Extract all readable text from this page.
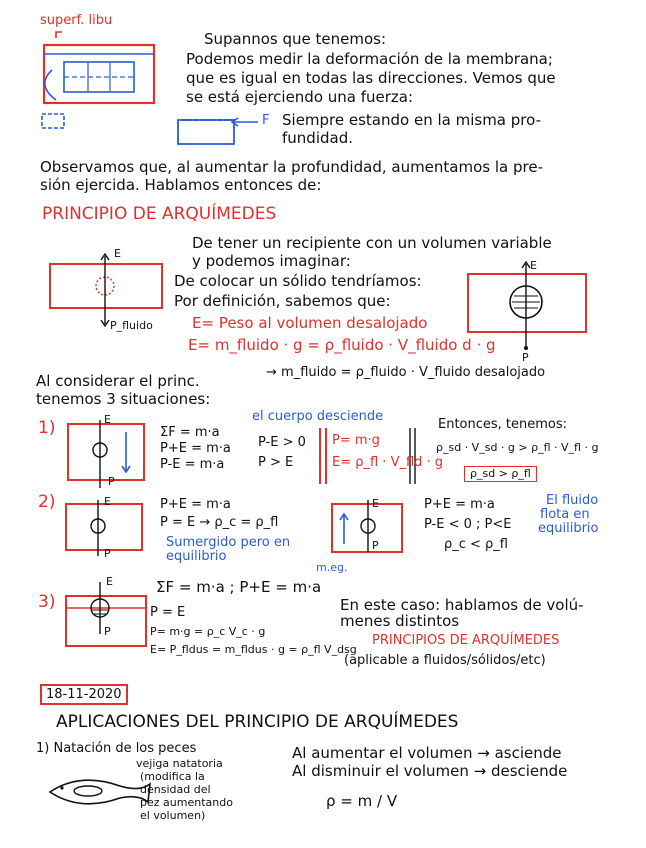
superf. libu
Supannos que tenemos:
Podemos medir la deformación de la membrana;
que es igual en todas las direcciones. Vemos que
se está ejerciendo una fuerza:
F Siempre estando en la misma pro-
fundidad.
Observamos que, al aumentar la profundidad, aumentamos la pre-
sión ejercida. Hablamos entonces de:
PRINCIPIO DE ARQUÍMEDES
De tener un recipiente con un volumen variable
y podemos imaginar:
De colocar un sólido tendríamos:
Por definición, sabemos que:
E= Peso al volumen desalojado
E= m_fluido · g = ρ_fluido · V_fluido d · g
→ m_fluido = ρ_fluido · V_fluido desalojado
E
P_fluido
E
P
Al considerar el princ.
tenemos 3 situaciones:
1)	E
P
el cuerpo desciende
ΣF = m·a
P+E = m·a
P-E = m·a
P-E > 0
P > E
P= m·g
E= ρ_fl · V_fld · g
Entonces, tenemos:
ρ_sd · V_sd · g > ρ_fl · V_fl · g
ρ_sd > ρ_fl
2)	E
P
P+E = m·a
P = E → ρ_c = ρ_fl
Sumergido pero en
equilibrio
E
P
P+E = m·a
P-E < 0 ; P<E
ρ_c < ρ_fl
El fluido
flota en
equilibrio
3)
E
P
m.eg.
ΣF = m·a ; P+E = m·a
P = E
P= m·g = ρ_c V_c · g
E= P_fldus = m_fldus · g = ρ_fl V_dsg
En este caso: hablamos de volú-
menes distintos
PRINCIPIOS DE ARQUÍMEDES
(aplicable a fluidos/sólidos/etc)
18-11-2020
APLICACIONES DEL PRINCIPIO DE ARQUÍMEDES
1) Natación de los peces
vejiga natatoria
(modifica la
densidad del
pez aumentando
el volumen)
Al aumentar el volumen → asciende
Al disminuir el volumen → desciende
ρ = m / V
